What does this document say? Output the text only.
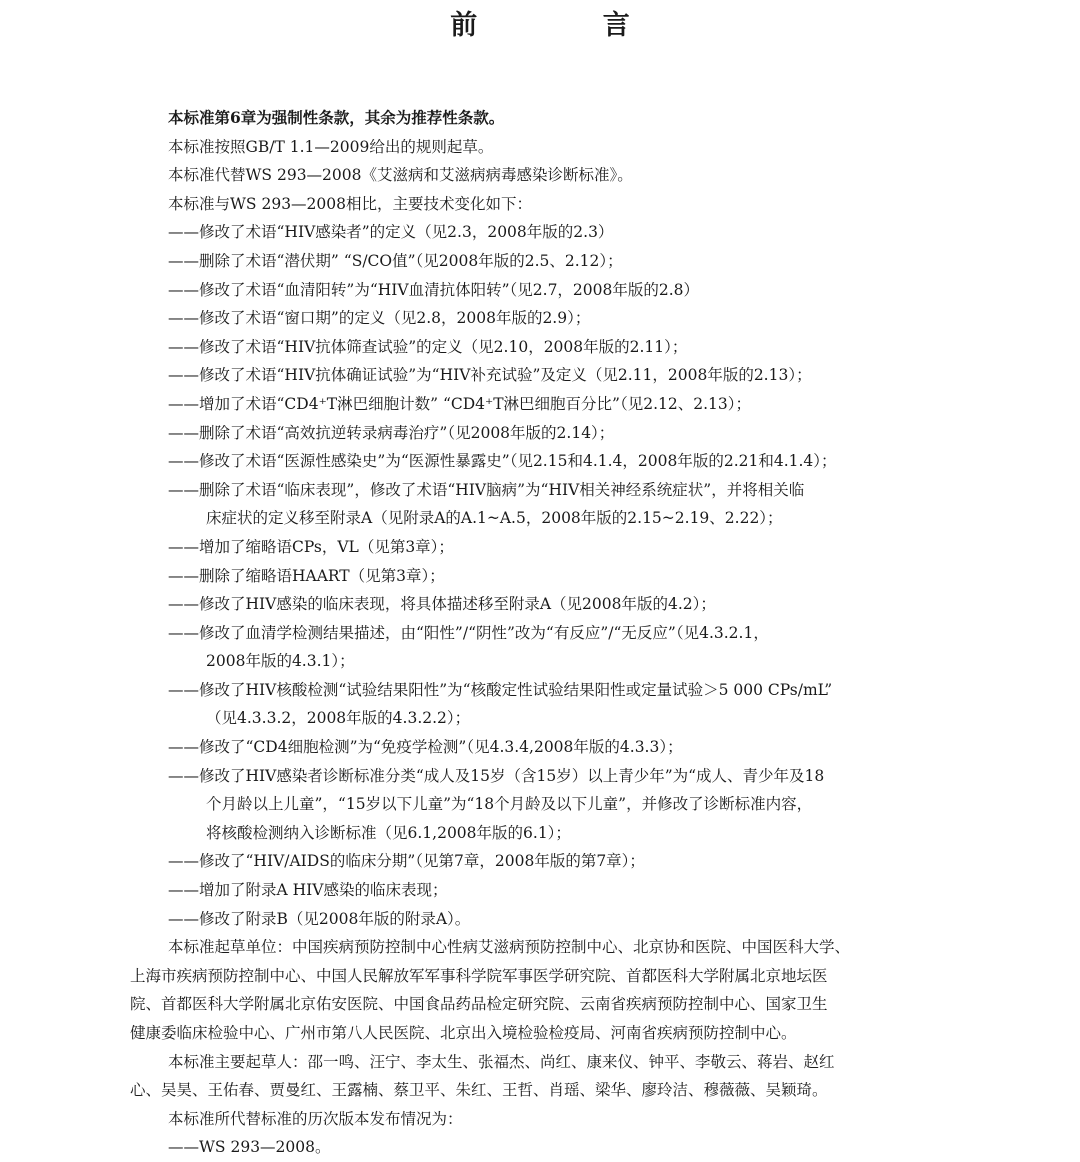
前 言

本标准第6章为强制性条款，其余为推荐性条款。

本标准按照GB/T 1.1—2009给出的规则起草。

本标准代替WS 293—2008《艾滋病和艾滋病病毒感染诊断标准》。

本标准与WS 293—2008相比，主要技术变化如下：

——修改了术语“HIV感染者”的定义（见2.3，2008年版的2.3）
——删除了术语“潜伏期” “S/CO值”（见2008年版的2.5、2.12）；
——修改了术语“血清阳转”为“HIV血清抗体阳转”（见2.7，2008年版的2.8）
——修改了术语“窗口期”的定义（见2.8，2008年版的2.9）；
——修改了术语“HIV抗体筛查试验”的定义（见2.10，2008年版的2.11）；
——修改了术语“HIV抗体确证试验”为“HIV补充试验”及定义（见2.11，2008年版的2.13）；
——增加了术语“CD4⁺T淋巴细胞计数” “CD4⁺T淋巴细胞百分比”（见2.12、2.13）；
——删除了术语“高效抗逆转录病毒治疗”（见2008年版的2.14）；
——修改了术语“医源性感染史”为“医源性暴露史”（见2.15和4.1.4，2008年版的2.21和4.1.4）；
——删除了术语“临床表现”，修改了术语“HIV脑病”为“HIV相关神经系统症状”，并将相关临
床症状的定义移至附录A（见附录A的A.1~A.5，2008年版的2.15~2.19、2.22）；
——增加了缩略语CPs，VL（见第3章）；
——删除了缩略语HAART（见第3章）；
——修改了HIV感染的临床表现，将具体描述移至附录A（见2008年版的4.2）；
——修改了血清学检测结果描述，由“阳性”/“阴性”改为“有反应”/“无反应”（见4.3.2.1，
2008年版的4.3.1）；
——修改了HIV核酸检测“试验结果阳性”为“核酸定性试验结果阳性或定量试验＞5 000 CPs/mL”
（见4.3.3.2，2008年版的4.3.2.2）；
——修改了“CD4细胞检测”为“免疫学检测”（见4.3.4,2008年版的4.3.3）；
——修改了HIV感染者诊断标准分类“成人及15岁（含15岁）以上青少年”为“成人、青少年及18
个月龄以上儿童”，“15岁以下儿童”为“18个月龄及以下儿童”，并修改了诊断标准内容，
将核酸检测纳入诊断标准（见6.1,2008年版的6.1）；
——修改了“HIV/AIDS的临床分期”（见第7章，2008年版的第7章）；
——增加了附录A HIV感染的临床表现；
——修改了附录B（见2008年版的附录A）。
本标准起草单位：中国疾病预防控制中心性病艾滋病预防控制中心、北京协和医院、中国医科大学、
上海市疾病预防控制中心、中国人民解放军军事科学院军事医学研究院、首都医科大学附属北京地坛医
院、首都医科大学附属北京佑安医院、中国食品药品检定研究院、云南省疾病预防控制中心、国家卫生
健康委临床检验中心、广州市第八人民医院、北京出入境检验检疫局、河南省疾病预防控制中心。
本标准主要起草人：邵一鸣、汪宁、李太生、张福杰、尚红、康来仪、钟平、李敬云、蒋岩、赵红
心、吴昊、王佑春、贾曼红、王露楠、蔡卫平、朱红、王哲、肖瑶、梁华、廖玲洁、穆薇薇、吴颖琦。
本标准所代替标准的历次版本发布情况为：
——WS 293—2008。
